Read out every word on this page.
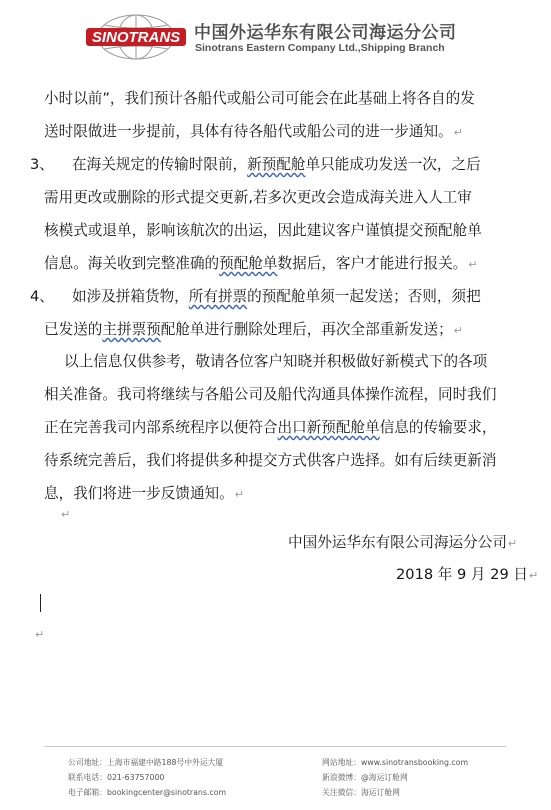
SINOTRANS 中国外运华东有限公司海运分公司
Sinotrans Eastern Company Ltd.,Shipping Branch
小时以前”，我们预计各船代或船公司可能会在此基础上将各自的发
送时限做进一步提前，具体有待各船代或船公司的进一步通知。↵
3、 在海关规定的传输时限前，新预配舱单只能成功发送一次，之后
需用更改或删除的形式提交更新,若多次更改会造成海关进入人工审
核模式或退单，影响该航次的出运，因此建议客户谨慎提交预配舱单
信息。海关收到完整准确的预配舱单数据后，客户才能进行报关。↵
4、 如涉及拼箱货物，所有拼票的预配舱单须一起发送；否则，须把
已发送的主拼票预配舱单进行删除处理后，再次全部重新发送；↵
以上信息仅供参考，敬请各位客户知晓并积极做好新模式下的各项
相关准备。我司将继续与各船公司及船代沟通具体操作流程，同时我们
正在完善我司内部系统程序以便符合出口新预配舱单信息的传输要求，
待系统完善后，我们将提供多种提交方式供客户选择。如有后续更新消
息，我们将进一步反馈通知。↵
↵
中国外运华东有限公司海运分公司↵
2018 年 9 月 29 日↵
↵
公司地址：上海市福建中路188号中外运大厦
联系电话：021-63757000
电子邮箱：bookingcenter@sinotrans.com
网站地址：www.sinotransbooking.com
新浪微博：@海运订舱网
关注微信：海运订舱网
